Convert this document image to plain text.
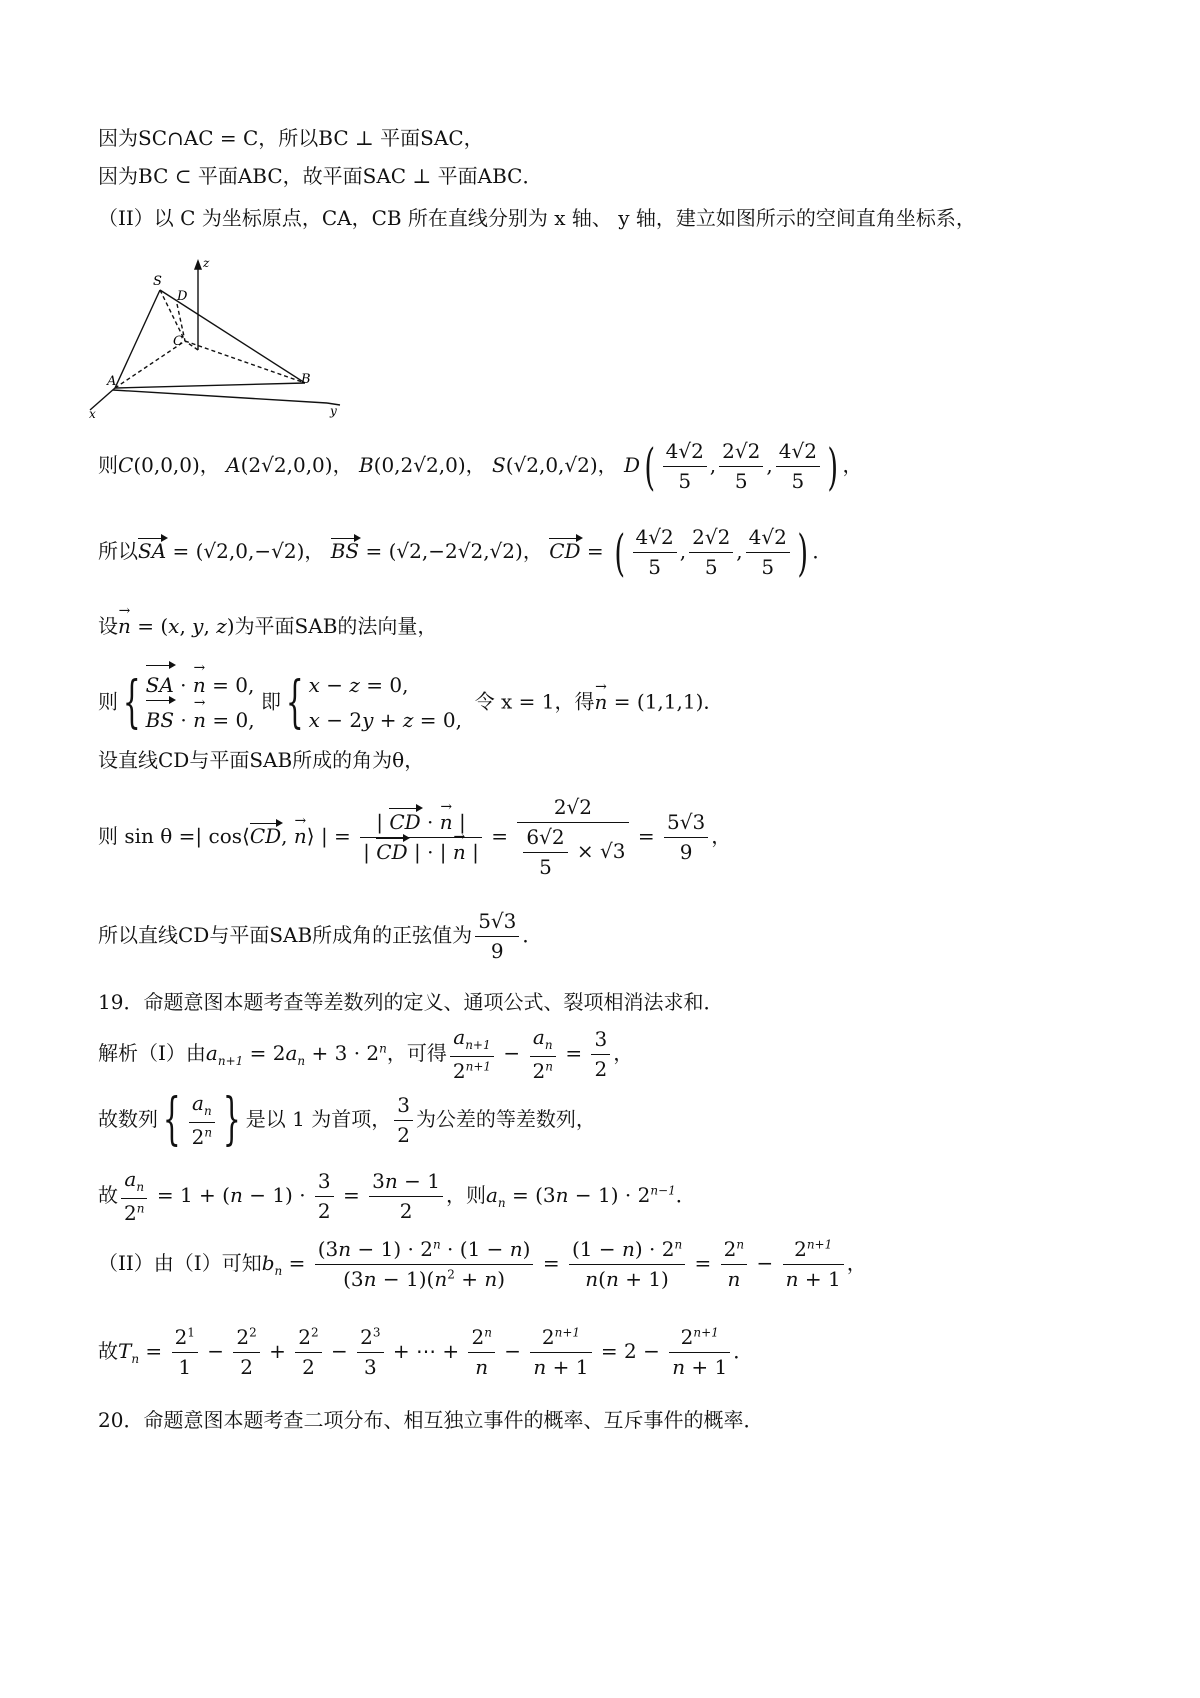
因为SC∩AC = C，所以BC ⊥ 平面SAC，
因为BC ⊂ 平面ABC，故平面SAC ⊥ 平面ABC．
（II）以 C 为坐标原点，CA，CB 所在直线分别为 x 轴、 y 轴，建立如图所示的空间直角坐标系，
S
D
C
A	B
x	y
z
则C(0,0,0)， A(2√2,0,0)， B(0,2√2,0)， S(√2,0,√2)， $D( \frac{4√2}{5}$ , $\frac{2√2}{5}$ , $\frac{4√2}{5}$ ) ，
所以SA = (√2,0,−√2)， BS = (√2,−2√2,√2)， CD = ( $\frac{4√2}{5}$ , $\frac{2√2}{5}$ , $\frac{4√2}{5}$ ) ．
设n → = (x, y, z)为平面SAB的法向量，
则{ SA · n → = 0,
BS · n → = 0,
即{ x − z = 0,
x − 2y + z = 0,
令 x = 1，得n → = (1,1,1)．
设直线CD与平面SAB所成的角为θ，
则 sin θ =| cos⟨CD, n →⟩ | = $\frac{| CD \cdot n \to |}{| CD | \cdot | n \to |} = \frac{2√2}{\frac{6√2}{5} \times √3} = \frac{5√3}{9}$ ，
所以直线CD与平面SAB所成角的正弦值为 $\frac{5√3}{9}$ ．
19．命题意图本题考查等差数列的定义、通项公式、裂项相消法求和．
解析（I）由$a_{n+1} = 2a_n + 3 \cdot 2^n$，可得 $\frac{a_{n+1}}{2^{n+1}} - \frac{a_n}{2^n} = \frac{3}{2}$ ，
故数列{ $\frac{a_n}{2^n}$ } 是以 1 为首项， $\frac{3}{2}$ 为公差的等差数列，
故 $\frac{a_n}{2^n} = 1 + (n - 1) \cdot \frac{3}{2} = \frac{3n - 1}{2}$ ，则$a_n = (3n - 1) \cdot 2^{n-1}$．
（II）由（I）可知$b_n = \frac{(3n - 1) \cdot 2^n \cdot (1 - n)}{(3n - 1)(n^2 + n)} = \frac{(1 - n) \cdot 2^n}{n(n + 1)} = \frac{2^n}{n} - \frac{2^{n+1}}{n + 1}$ ，
故$T_n = \frac{2^1}{1} - \frac{2^2}{2} + \frac{2^2}{2} - \frac{2^3}{3}$ + ⋯ + $\frac{2^n}{n} - \frac{2^{n+1}}{n + 1} = 2 - \frac{2^{n+1}}{n + 1}$ ．
20．命题意图本题考查二项分布、相互独立事件的概率、互斥事件的概率．
